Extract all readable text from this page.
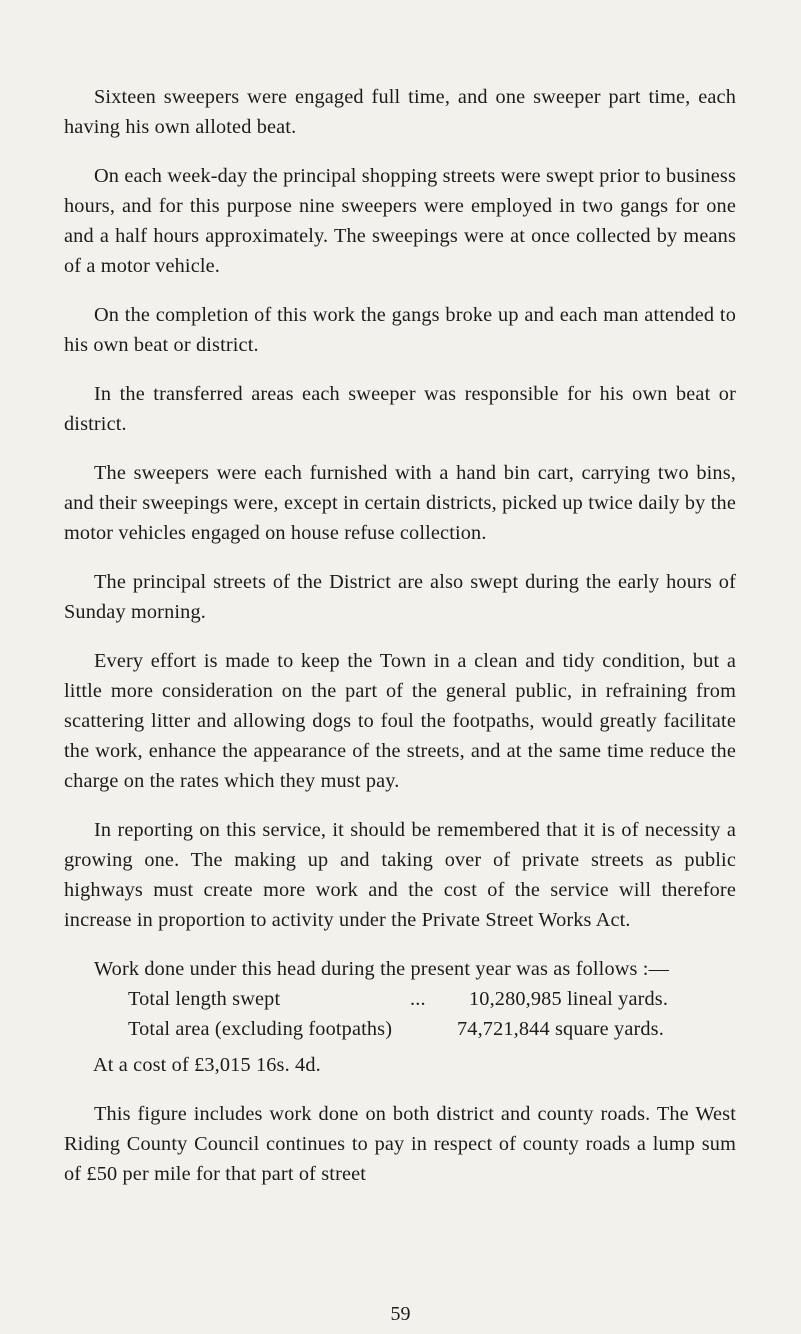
Sixteen sweepers were engaged full time, and one sweeper part time, each having his own alloted beat.

On each week-day the principal shopping streets were swept prior to business hours, and for this purpose nine sweepers were employed in two gangs for one and a half hours approximately. The sweepings were at once collected by means of a motor vehicle.

On the completion of this work the gangs broke up and each man attended to his own beat or district.

In the transferred areas each sweeper was responsible for his own beat or district.

The sweepers were each furnished with a hand bin cart, carrying two bins, and their sweepings were, except in certain districts, picked up twice daily by the motor vehicles engaged on house refuse collection.

The principal streets of the District are also swept during the early hours of Sunday morning.

Every effort is made to keep the Town in a clean and tidy condition, but a little more consideration on the part of the general public, in refraining from scattering litter and allowing dogs to foul the footpaths, would greatly facilitate the work, enhance the appearance of the streets, and at the same time reduce the charge on the rates which they must pay.

In reporting on this service, it should be remembered that it is of necessity a growing one. The making up and taking over of private streets as public highways must create more work and the cost of the service will therefore increase in proportion to activity under the Private Street Works Act.

Work done under this head during the present year was as follows :—

Total length swept	... 10,280,985 lineal yards.
Total area (excluding footpaths)	74,721,844 square yards.

At a cost of £3,015 16s. 4d.

This figure includes work done on both district and county roads. The West Riding County Council continues to pay in respect of county roads a lump sum of £50 per mile for that part of street

59
